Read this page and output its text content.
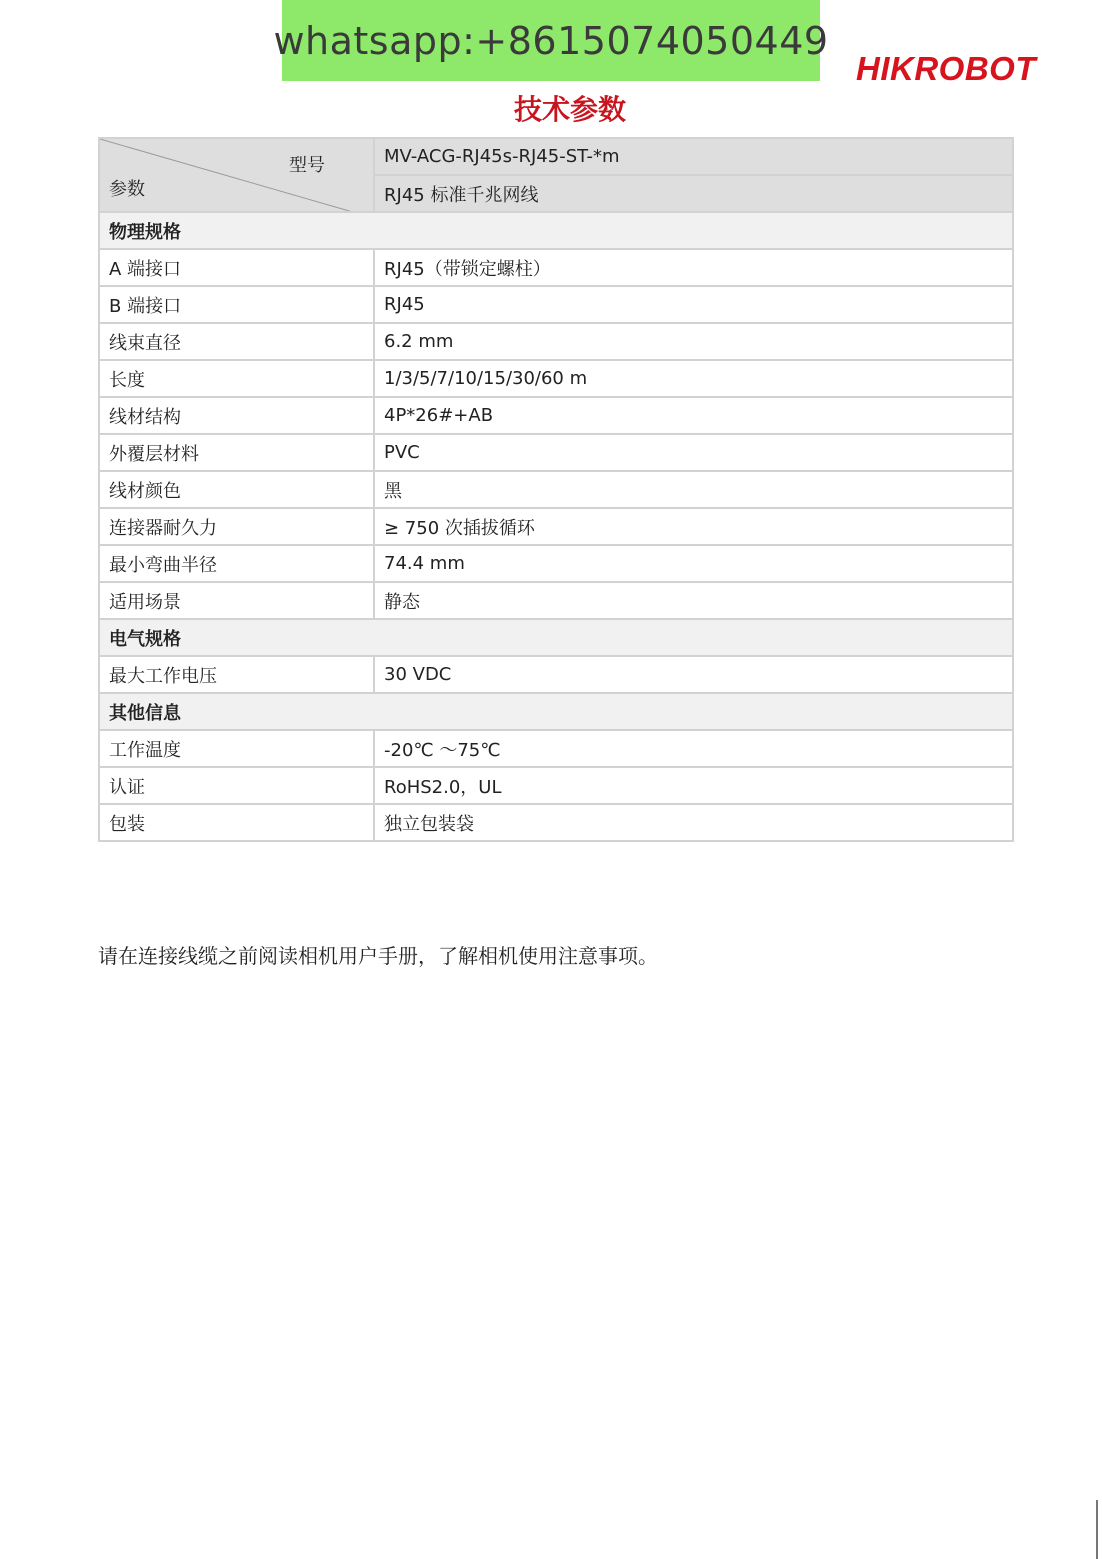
whatsapp:+8615074050449
HIKROBOT
技术参数
型号
参数	MV-ACG-RJ45s-RJ45-ST-*m
	RJ45 标准千兆网线
物理规格	
A 端接口	RJ45（带锁定螺柱）
B 端接口	RJ45
线束直径	6.2 mm
长度	1/3/5/7/10/15/30/60 m
线材结构	4P*26#+AB
外覆层材料	PVC
线材颜色	黑
连接器耐久力	≥ 750 次插拔循环
最小弯曲半径	74.4 mm
适用场景	静态
电气规格	
最大工作电压	30 VDC
其他信息	
工作温度	-20℃ ～75℃
认证	RoHS2.0，UL
包装	独立包装袋
请在连接线缆之前阅读相机用户手册，了解相机使用注意事项。
